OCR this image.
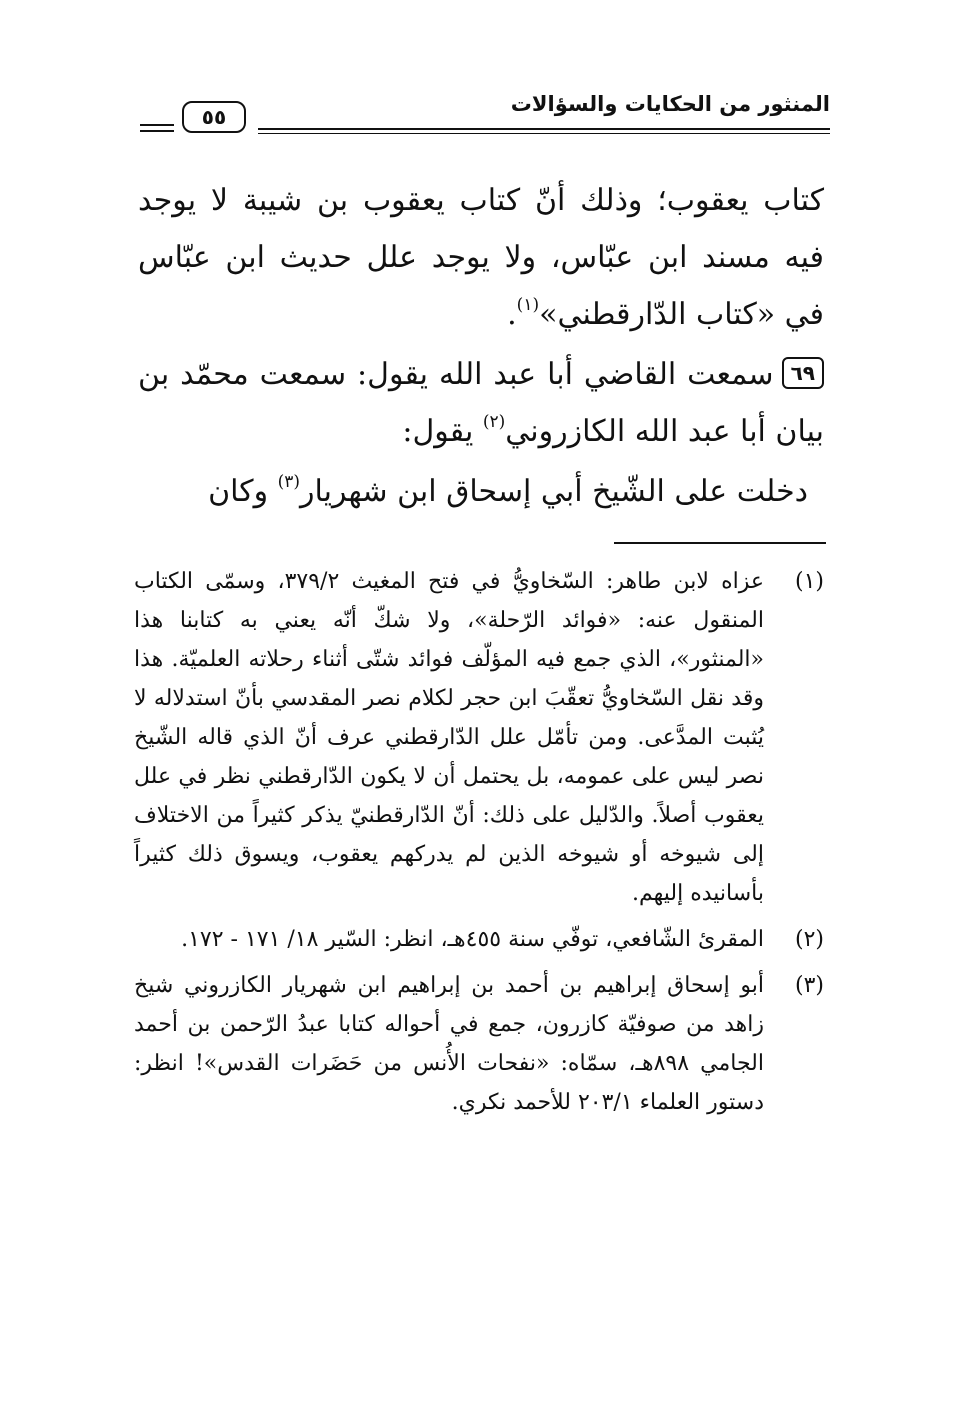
المنثور من الحكايات والسؤالات
٥٥

كتاب يعقوب؛ وذلك أنّ كتاب يعقوب بن شيبة لا يوجد فيه مسند ابن عبّاس، ولا يوجد علل حديث ابن عبّاس في «كتاب الدّارقطني»$^{(١)}$.

٦٩سمعت القاضي أبا عبد الله يقول: سمعت محمّد بن بيان أبا عبد الله الكازروني$^{(٢)}$ يقول:

دخلت على الشّيخ أبي إسحاق ابن شهريار$^{(٣)}$ وكان

(١)
عزاه لابن طاهر: السّخاويُّ في فتح المغيث ٣٧٩/٢، وسمّى الكتاب المنقول عنه: «فوائد الرّحلة»، ولا شكّ أنّه يعني به كتابنا هذا «المنثور»، الذي جمع فيه المؤلّف فوائد شتّى أثناء رحلاته العلميّة. هذا وقد نقل السّخاويُّ تعقّبَ ابن حجر لكلام نصر المقدسي بأنّ استدلاله لا يُثبت المدَّعى. ومن تأمّل علل الدّارقطني عرف أنّ الذي قاله الشّيخ نصر ليس على عمومه، بل يحتمل أن لا يكون الدّارقطني نظر في علل يعقوب أصلاً. والدّليل على ذلك: أنّ الدّارقطنيّ يذكر كثيراً من الاختلاف إلى شيوخه أو شيوخه الذين لم يدركهم يعقوب، ويسوق ذلك كثيراً بأسانيده إليهم.
(٢)
المقرئ الشّافعي، توفّي سنة ٤٥٥هـ، انظر: السّير ١٨/ ١٧١ - ١٧٢.
(٣)
أبو إسحاق إبراهيم بن أحمد بن إبراهيم ابن شهريار الكازروني شيخ زاهد من صوفيّة كازرون، جمع في أحواله كتابا عبدُ الرّحمن بن أحمد الجامي ٨٩٨هـ، سمّاه: «نفحات الأُنس من حَضَرات القدس»! انظر: دستور العلماء ٢٠٣/١ للأحمد نكري.
